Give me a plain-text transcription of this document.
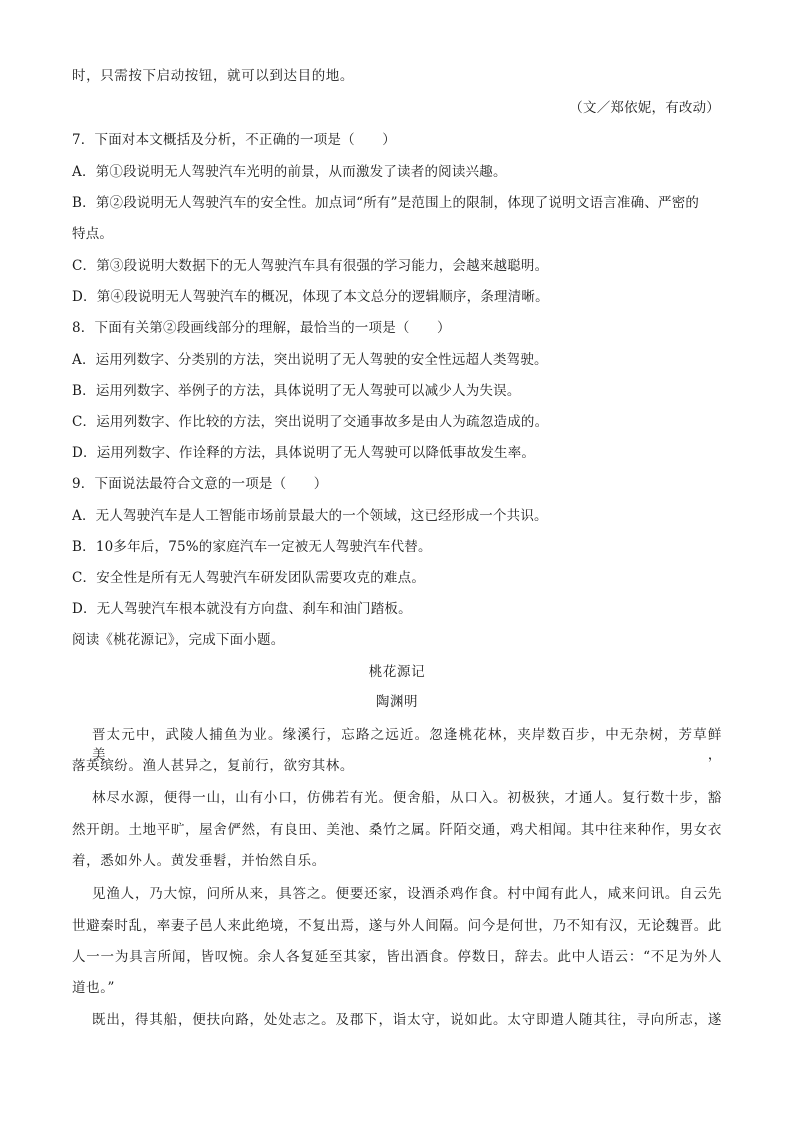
时，只需按下启动按钮，就可以到达目的地。
（文／郑依妮，有改动）
7．下面对本文概括及分析，不正确的一项是（　　）
A．第①段说明无人驾驶汽车光明的前景，从而激发了读者的阅读兴趣。
B．第②段说明无人驾驶汽车的安全性。加点词“所有”是范围上的限制，体现了说明文语言准确、严密的
特点。
C．第③段说明大数据下的无人驾驶汽车具有很强的学习能力，会越来越聪明。
D．第④段说明无人驾驶汽车的概况，体现了本文总分的逻辑顺序，条理清晰。
8．下面有关第②段画线部分的理解，最恰当的一项是（　　）
A．运用列数字、分类别的方法，突出说明了无人驾驶的安全性远超人类驾驶。
B．运用列数字、举例子的方法，具体说明了无人驾驶可以减少人为失误。
C．运用列数字、作比较的方法，突出说明了交通事故多是由人为疏忽造成的。
D．运用列数字、作诠释的方法，具体说明了无人驾驶可以降低事故发生率。
9．下面说法最符合文意的一项是（　　）
A．无人驾驶汽车是人工智能市场前景最大的一个领域，这已经形成一个共识。
B．10多年后，75%的家庭汽车一定被无人驾驶汽车代替。
C．安全性是所有无人驾驶汽车研发团队需要攻克的难点。
D．无人驾驶汽车根本就没有方向盘、刹车和油门踏板。
阅读《桃花源记》，完成下面小题。
桃花源记
陶渊明
晋太元中，武陵人捕鱼为业。缘溪行，忘路之远近。忽逢桃花林，夹岸数百步，中无杂树，芳草鲜美，
落英缤纷。渔人甚异之，复前行，欲穷其林。
林尽水源，便得一山，山有小口，仿佛若有光。便舍船，从口入。初极狭，才通人。复行数十步，豁
然开朗。土地平旷，屋舍俨然，有良田、美池、桑竹之属。阡陌交通，鸡犬相闻。其中往来种作，男女衣
着，悉如外人。黄发垂髫，并怡然自乐。
见渔人，乃大惊，问所从来，具答之。便要还家，设酒杀鸡作食。村中闻有此人，咸来问讯。自云先
世避秦时乱，率妻子邑人来此绝境，不复出焉，遂与外人间隔。问今是何世，乃不知有汉，无论魏晋。此
人一一为具言所闻，皆叹惋。余人各复延至其家，皆出酒食。停数日，辞去。此中人语云：“不足为外人
道也。”
既出，得其船，便扶向路，处处志之。及郡下，诣太守，说如此。太守即遣人随其往，寻向所志，遂
